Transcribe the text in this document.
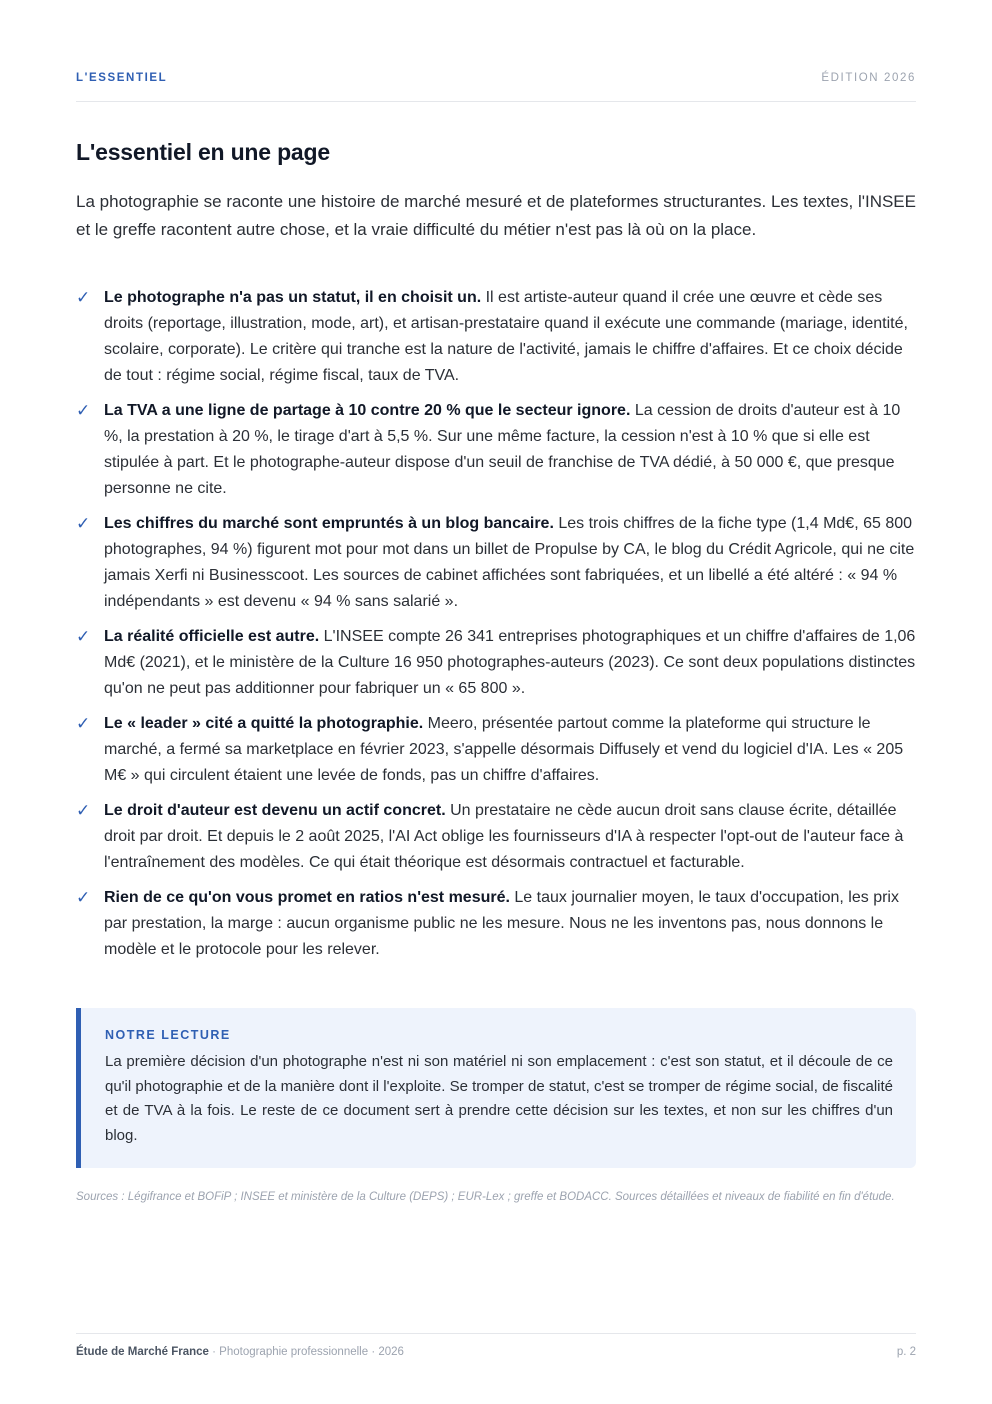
L'ESSENTIEL	ÉDITION 2026
L'essentiel en une page

La photographie se raconte une histoire de marché mesuré et de plateformes structurantes. Les textes, l'INSEE et le greffe racontent autre chose, et la vraie difficulté du métier n'est pas là où on la place.

✓ Le photographe n'a pas un statut, il en choisit un. Il est artiste-auteur quand il crée une œuvre et cède ses droits (reportage, illustration, mode, art), et artisan-prestataire quand il exécute une commande (mariage, identité, scolaire, corporate). Le critère qui tranche est la nature de l'activité, jamais le chiffre d'affaires. Et ce choix décide de tout : régime social, régime fiscal, taux de TVA.
✓ La TVA a une ligne de partage à 10 contre 20 % que le secteur ignore. La cession de droits d'auteur est à 10 %, la prestation à 20 %, le tirage d'art à 5,5 %. Sur une même facture, la cession n'est à 10 % que si elle est stipulée à part. Et le photographe-auteur dispose d'un seuil de franchise de TVA dédié, à 50 000 €, que presque personne ne cite.
✓ Les chiffres du marché sont empruntés à un blog bancaire. Les trois chiffres de la fiche type (1,4 Md€, 65 800 photographes, 94 %) figurent mot pour mot dans un billet de Propulse by CA, le blog du Crédit Agricole, qui ne cite jamais Xerfi ni Businesscoot. Les sources de cabinet affichées sont fabriquées, et un libellé a été altéré : « 94 % indépendants » est devenu « 94 % sans salarié ».
✓ La réalité officielle est autre. L'INSEE compte 26 341 entreprises photographiques et un chiffre d'affaires de 1,06 Md€ (2021), et le ministère de la Culture 16 950 photographes-auteurs (2023). Ce sont deux populations distinctes qu'on ne peut pas additionner pour fabriquer un « 65 800 ».
✓ Le « leader » cité a quitté la photographie. Meero, présentée partout comme la plateforme qui structure le marché, a fermé sa marketplace en février 2023, s'appelle désormais Diffusely et vend du logiciel d'IA. Les « 205 M€ » qui circulent étaient une levée de fonds, pas un chiffre d'affaires.
✓ Le droit d'auteur est devenu un actif concret. Un prestataire ne cède aucun droit sans clause écrite, détaillée droit par droit. Et depuis le 2 août 2025, l'AI Act oblige les fournisseurs d'IA à respecter l'opt-out de l'auteur face à l'entraînement des modèles. Ce qui était théorique est désormais contractuel et facturable.
✓ Rien de ce qu'on vous promet en ratios n'est mesuré. Le taux journalier moyen, le taux d'occupation, les prix par prestation, la marge : aucun organisme public ne les mesure. Nous ne les inventons pas, nous donnons le modèle et le protocole pour les relever.
NOTRE LECTURE

La première décision d'un photographe n'est ni son matériel ni son emplacement : c'est son statut, et il découle de ce qu'il photographie et de la manière dont il l'exploite. Se tromper de statut, c'est se tromper de régime social, de fiscalité et de TVA à la fois. Le reste de ce document sert à prendre cette décision sur les textes, et non sur les chiffres d'un blog.

Sources : Légifrance et BOFiP ; INSEE et ministère de la Culture (DEPS) ; EUR-Lex ; greffe et BODACC. Sources détaillées et niveaux de fiabilité en fin d'étude.

Étude de Marché France · Photographie professionnelle · 2026	p. 2
